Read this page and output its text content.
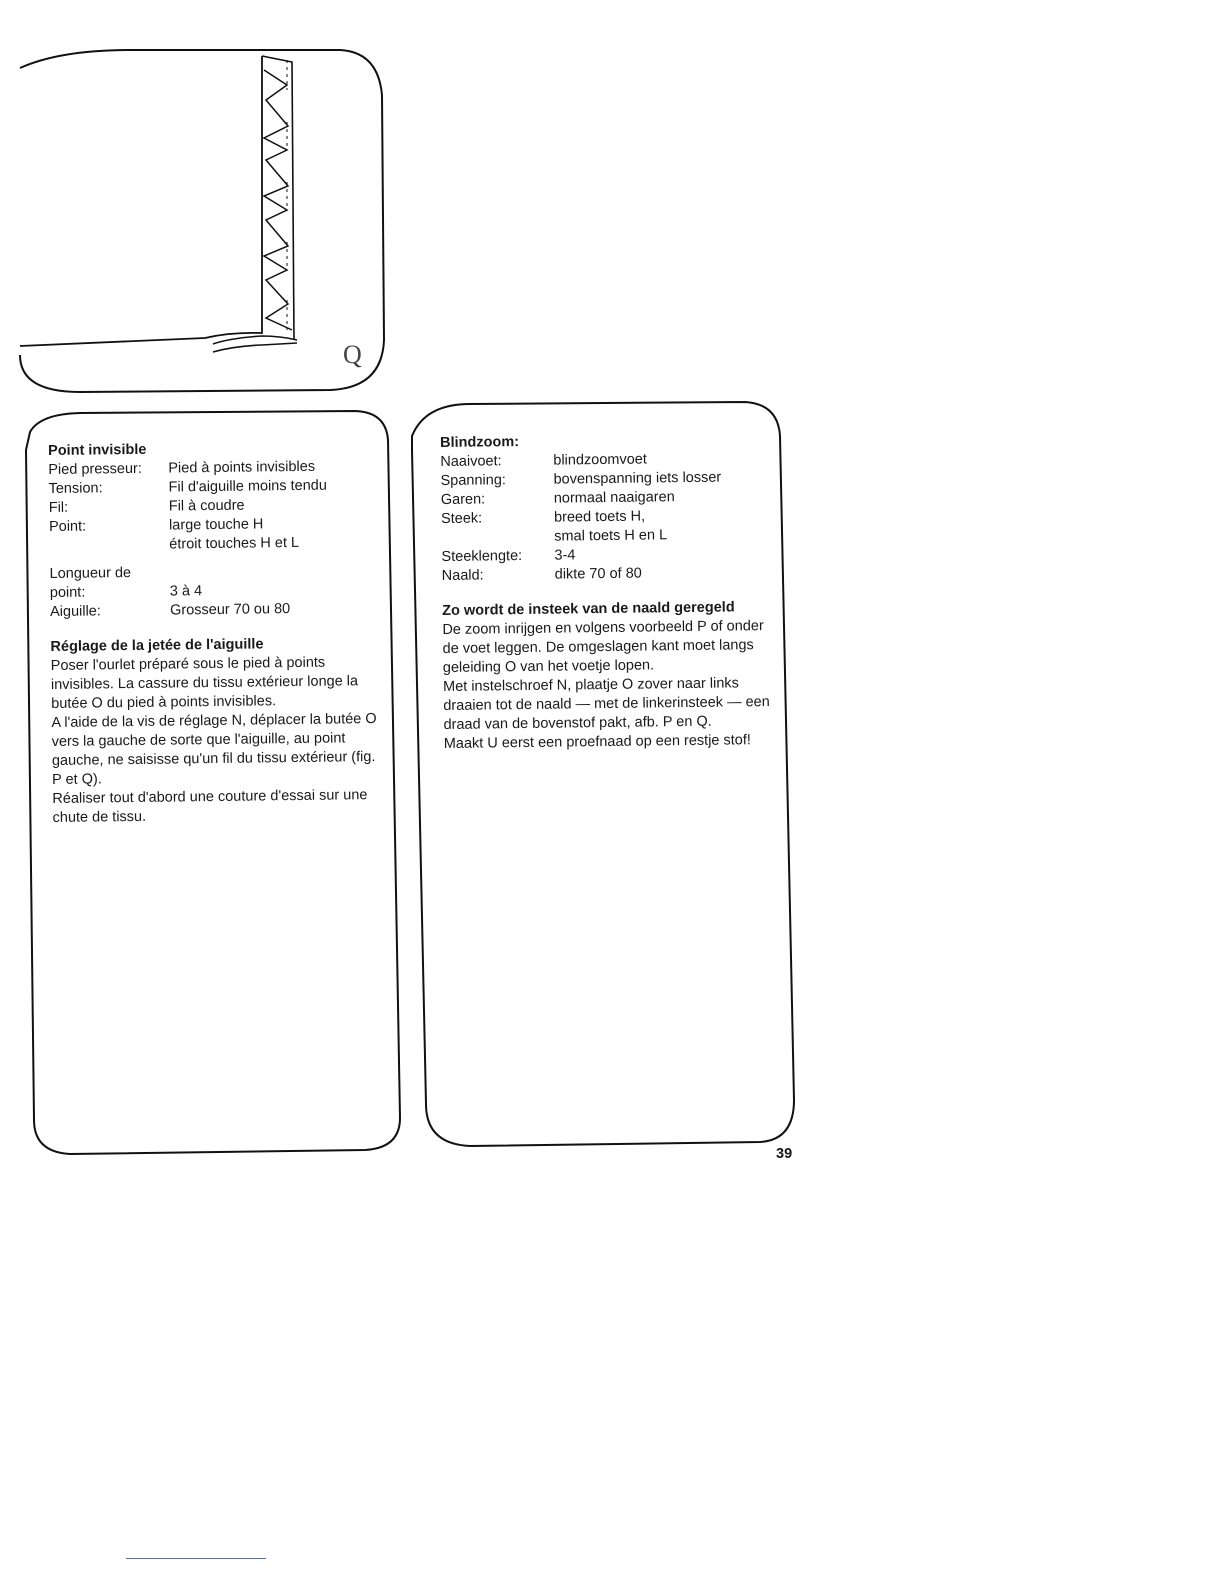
Q
Point invisible
Pied presseur:	Pied à points invisibles
Tension:	Fil d'aiguille moins tendu
Fil:	Fil à coudre
Point:	large touche H
étroit touches H et L
Longueur de
point:	3 à 4
Aiguille:	Grosseur 70 ou 80
Réglage de la jetée de l'aiguille

Poser l'ourlet préparé sous le pied à points invisibles. La cassure du tissu extérieur longe la butée O du pied à points invisibles.

A l'aide de la vis de réglage N, déplacer la butée O vers la gauche de sorte que l'aiguille, au point gauche, ne saisisse qu'un fil du tissu extérieur (fig. P et Q).

Réaliser tout d'abord une couture d'essai sur une chute de tissu.

Blindzoom:
Naaivoet:	blindzoomvoet
Spanning:	bovenspanning iets losser
Garen:	normaal naaigaren
Steek:	breed toets H,
smal toets H en L
Steeklengte:	3-4
Naald:	dikte 70 of 80
Zo wordt de insteek van de naald geregeld

De zoom inrijgen en volgens voorbeeld P of onder de voet leggen. De omgeslagen kant moet langs geleiding O van het voetje lopen.

Met instelschroef N, plaatje O zover naar links draaien tot de naald — met de linkerinsteek — een draad van de bovenstof pakt, afb. P en Q.

Maakt U eerst een proefnaad op een restje stof!

39
